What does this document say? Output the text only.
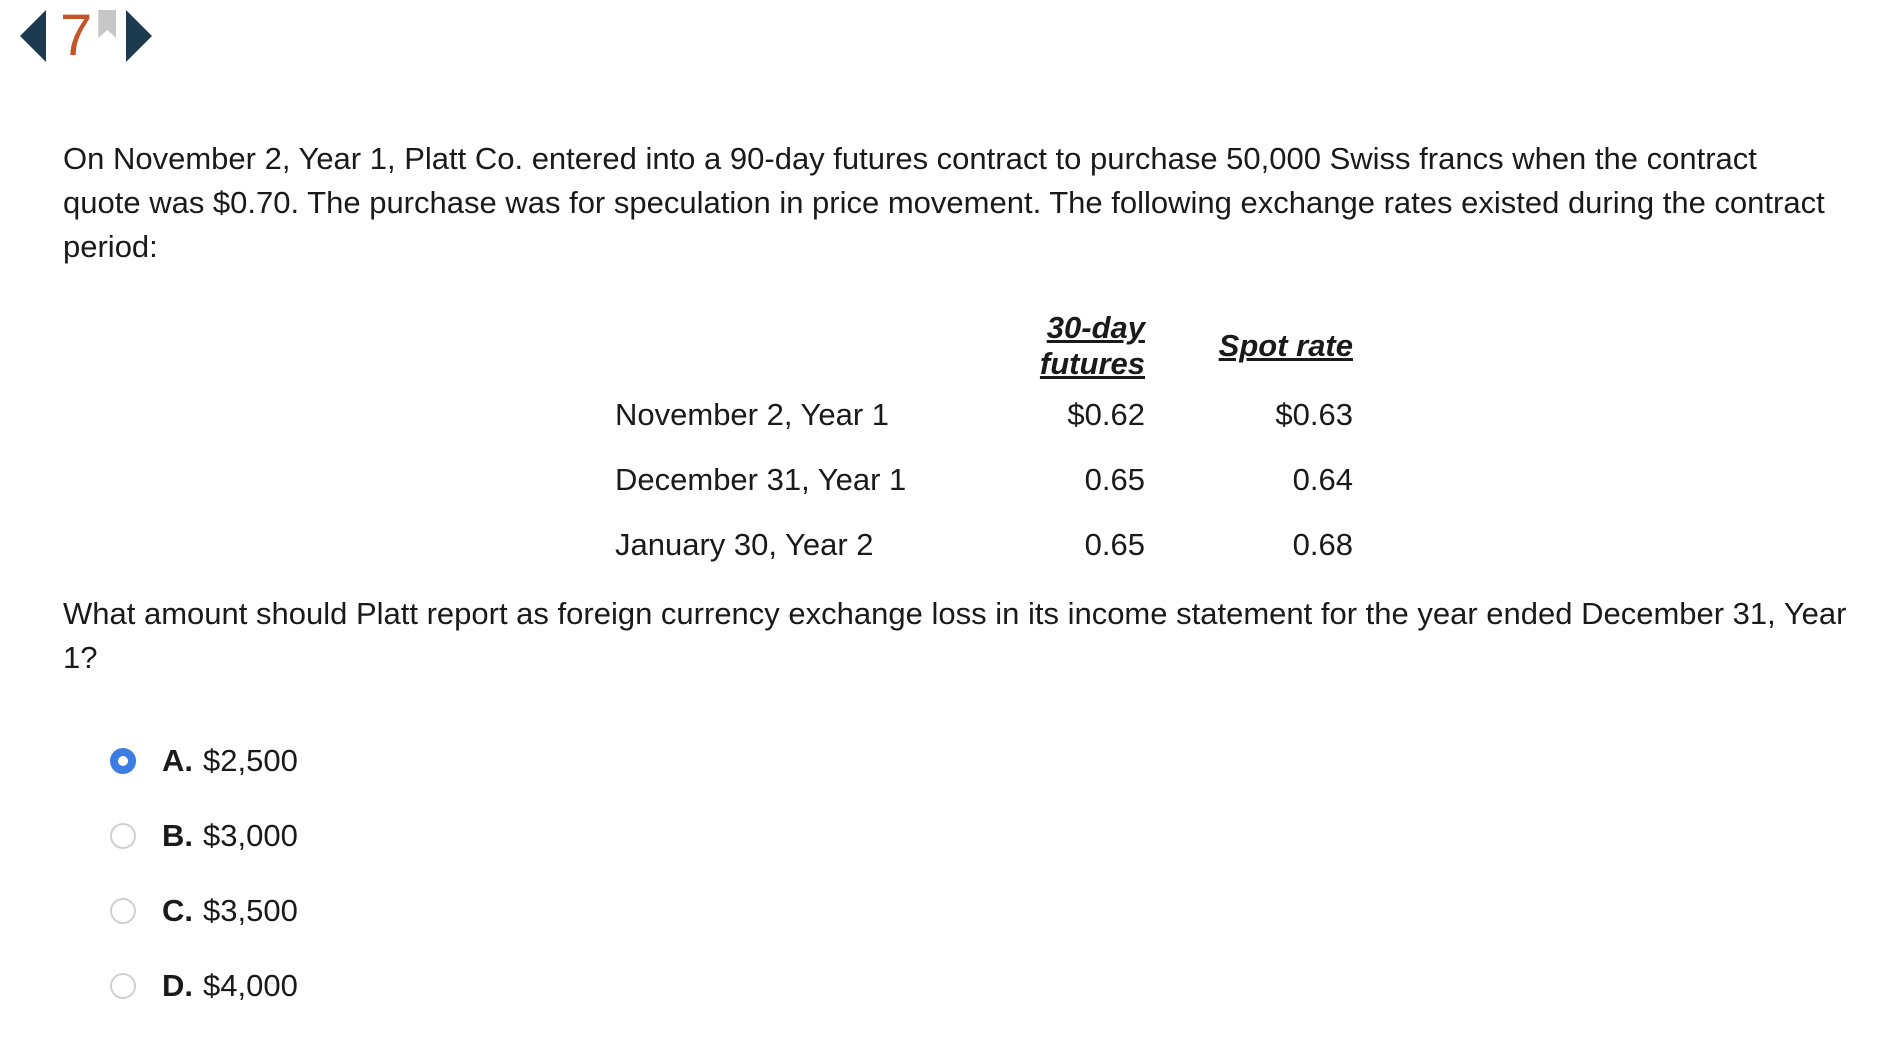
7

On November 2, Year 1, Platt Co. entered into a 90-day futures contract to purchase 50,000 Swiss francs when the contract quote was $0.70. The purchase was for speculation in price movement. The following exchange rates existed during the contract period:

	30-day futures	Spot rate
November 2, Year 1	$0.62	$0.63
December 31, Year 1	0.65	0.64
January 30, Year 2	0.65	0.68

What amount should Platt report as foreign currency exchange loss in its income statement for the year ended December 31, Year 1?

A. $2,500
B. $3,000
C. $3,500
D. $4,000
